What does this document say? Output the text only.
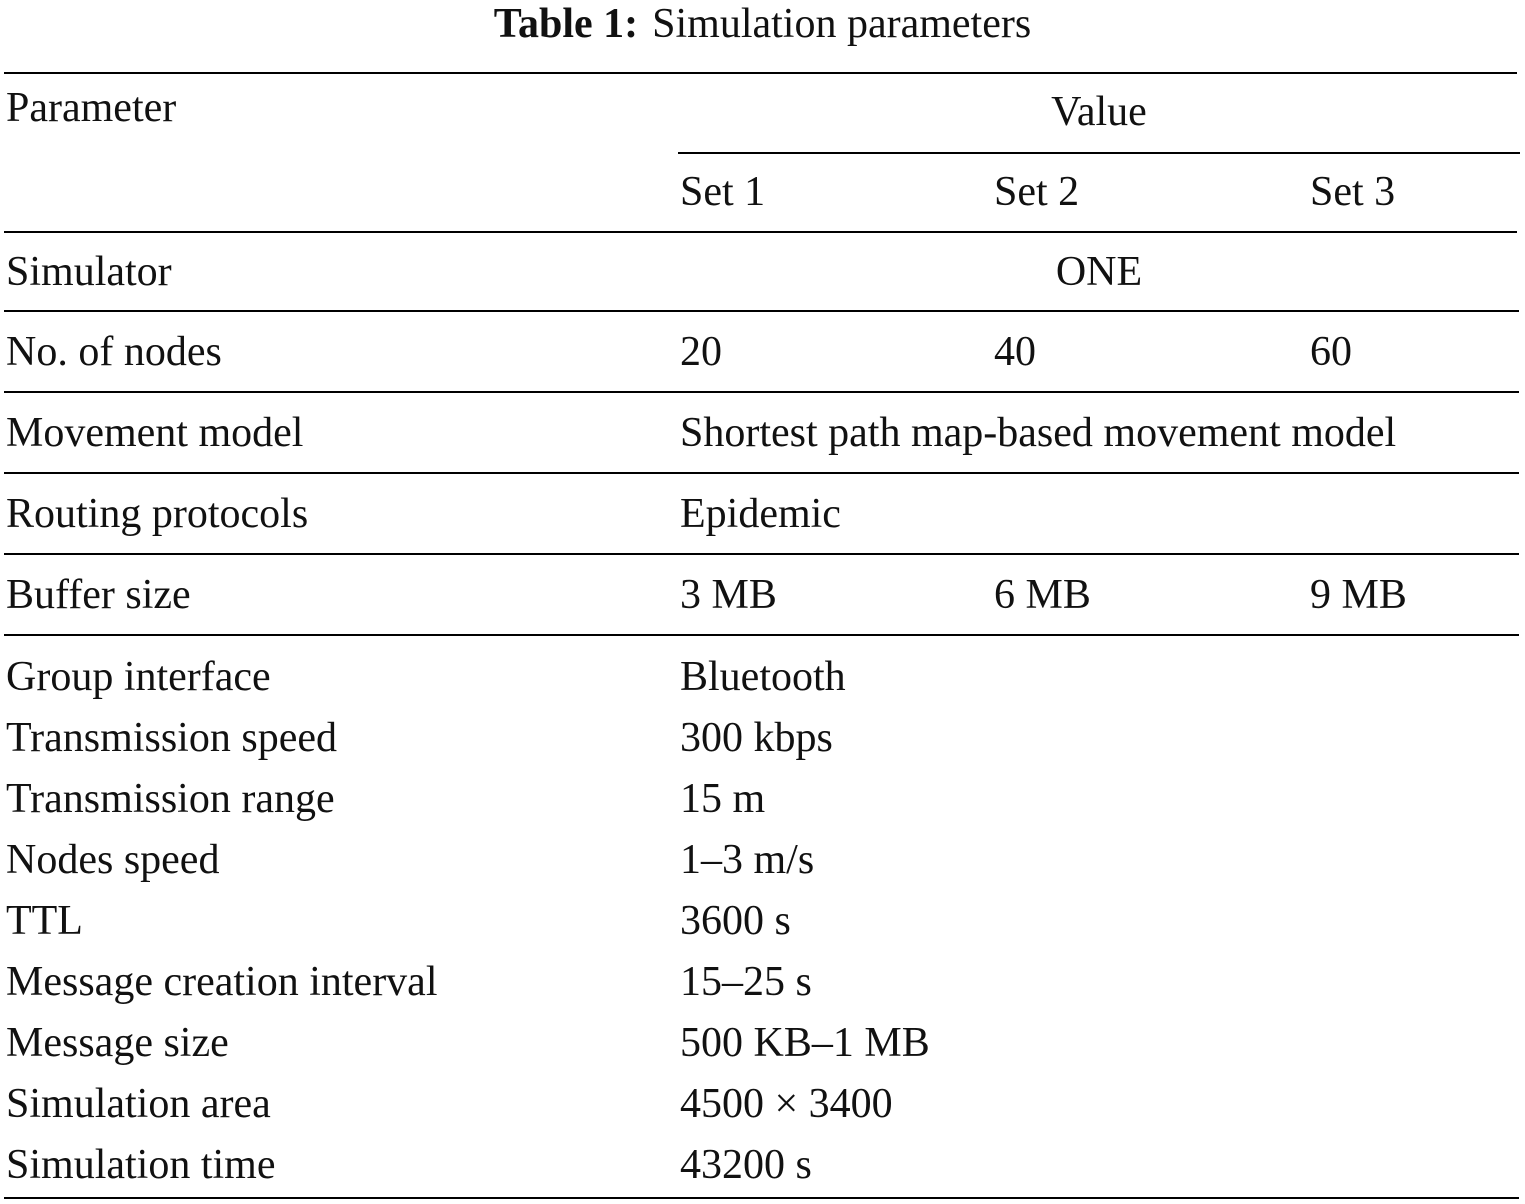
Table 1: Simulation parameters
Parameter	Value
Set 1	Set 2	Set 3
Simulator	ONE
No. of nodes	20	40	60
Movement model	Shortest path map-based movement model
Routing protocols	Epidemic
Buffer size	3 MB	6 MB	9 MB
Group interface	Bluetooth
Transmission speed	300 kbps
Transmission range	15 m
Nodes speed	1–3 m/s
TTL	3600 s
Message creation interval	15–25 s
Message size	500 KB–1 MB
Simulation area	4500 × 3400
Simulation time	43200 s
